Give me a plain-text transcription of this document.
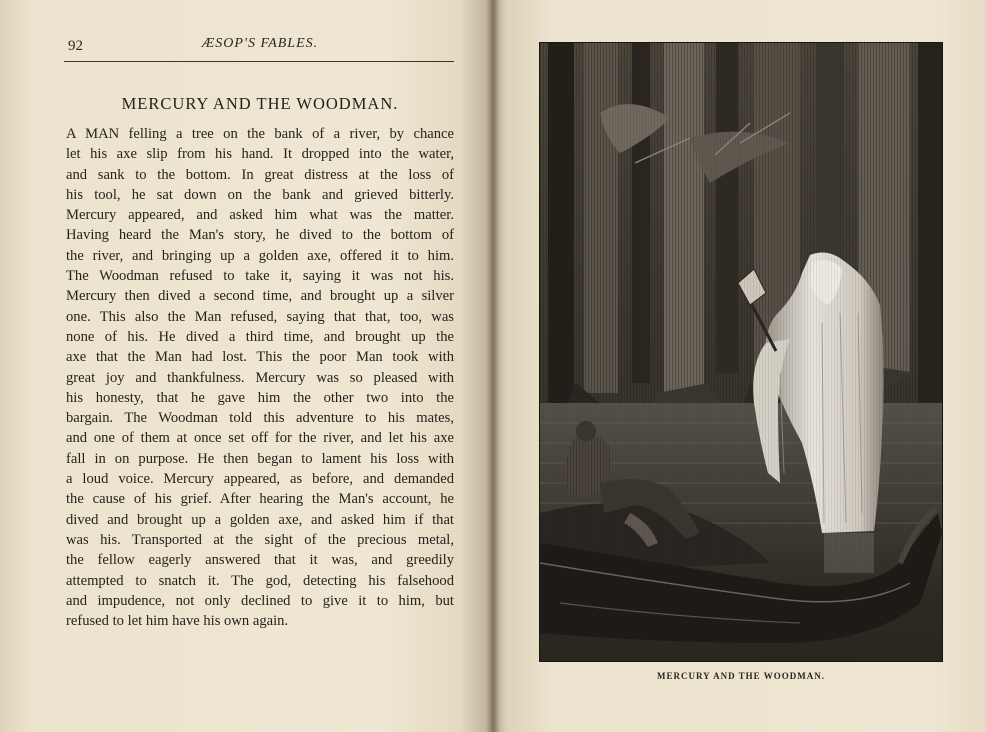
92	ÆSOP'S FABLES.
MERCURY AND THE WOODMAN.
A MAN felling a tree on the bank of a river, by chance
let his axe slip from his hand. It dropped into the water,
and sank to the bottom. In great distress at the loss of
his tool, he sat down on the bank and grieved bitterly.
Mercury appeared, and asked him what was the matter.
Having heard the Man's story, he dived to the bottom of
the river, and bringing up a golden axe, offered it to him.
The Woodman refused to take it, saying it was not his.
Mercury then dived a second time, and brought up a silver
one. This also the Man refused, saying that that, too, was
none of his. He dived a third time, and brought up the
axe that the Man had lost. This the poor Man took with
great joy and thankfulness. Mercury was so pleased with
his honesty, that he gave him the other two into the
bargain. The Woodman told this adventure to his mates,
and one of them at once set off for the river, and let his axe
fall in on purpose. He then began to lament his loss with
a loud voice. Mercury appeared, as before, and demanded
the cause of his grief. After hearing the Man's account, he
dived and brought up a golden axe, and asked him if that
was his. Transported at the sight of the precious metal,
the fellow eagerly answered that it was, and greedily
attempted to snatch it. The god, detecting his falsehood
and impudence, not only declined to give it to him, but
refused to let him have his own again.
MERCURY AND THE WOODMAN.
